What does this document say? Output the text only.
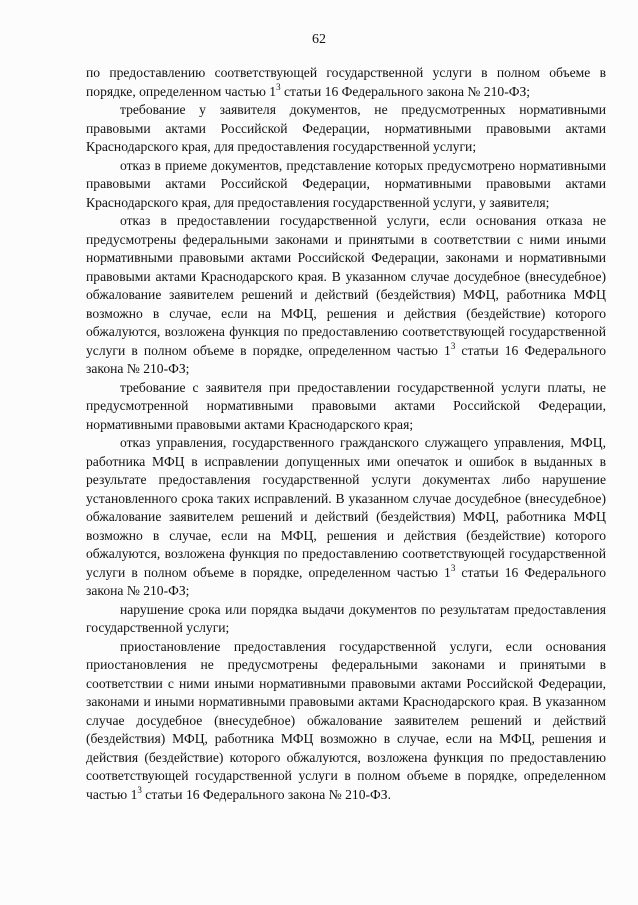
62

по предоставлению соответствующей государственной услуги в полном объеме в порядке, определенном частью $1^3$ статьи 16 Федерального закона № 210-ФЗ;

требование у заявителя документов, не предусмотренных нормативными правовыми актами Российской Федерации, нормативными правовыми актами Краснодарского края, для предоставления государственной услуги;

отказ в приеме документов, представление которых предусмотрено нормативными правовыми актами Российской Федерации, нормативными правовыми актами Краснодарского края, для предоставления государственной услуги, у заявителя;

отказ в предоставлении государственной услуги, если основания отказа не предусмотрены федеральными законами и принятыми в соответствии с ними иными нормативными правовыми актами Российской Федерации, законами и нормативными правовыми актами Краснодарского края. В указанном случае досудебное (внесудебное) обжалование заявителем решений и действий (бездействия) МФЦ, работника МФЦ возможно в случае, если на МФЦ, решения и действия (бездействие) которого обжалуются, возложена функция по предоставлению соответствующей государственной услуги в полном объеме в порядке, определенном частью $1^3$ статьи 16 Федерального закона № 210-ФЗ;

требование с заявителя при предоставлении государственной услуги платы, не предусмотренной нормативными правовыми актами Российской Федерации, нормативными правовыми актами Краснодарского края;

отказ управления, государственного гражданского служащего управления, МФЦ, работника МФЦ в исправлении допущенных ими опечаток и ошибок в выданных в результате предоставления государственной услуги документах либо нарушение установленного срока таких исправлений. В указанном случае досудебное (внесудебное) обжалование заявителем решений и действий (бездействия) МФЦ, работника МФЦ возможно в случае, если на МФЦ, решения и действия (бездействие) которого обжалуются, возложена функция по предоставлению соответствующей государственной услуги в полном объеме в порядке, определенном частью $1^3$ статьи 16 Федерального закона № 210-ФЗ;

нарушение срока или порядка выдачи документов по результатам предоставления государственной услуги;

приостановление предоставления государственной услуги, если основания приостановления не предусмотрены федеральными законами и принятыми в соответствии с ними иными нормативными правовыми актами Российской Федерации, законами и иными нормативными правовыми актами Краснодарского края. В указанном случае досудебное (внесудебное) обжалование заявителем решений и действий (бездействия) МФЦ, работника МФЦ возможно в случае, если на МФЦ, решения и действия (бездействие) которого обжалуются, возложена функция по предоставлению соответствующей государственной услуги в полном объеме в порядке, определенном частью $1^3$ статьи 16 Федерального закона № 210-ФЗ.
